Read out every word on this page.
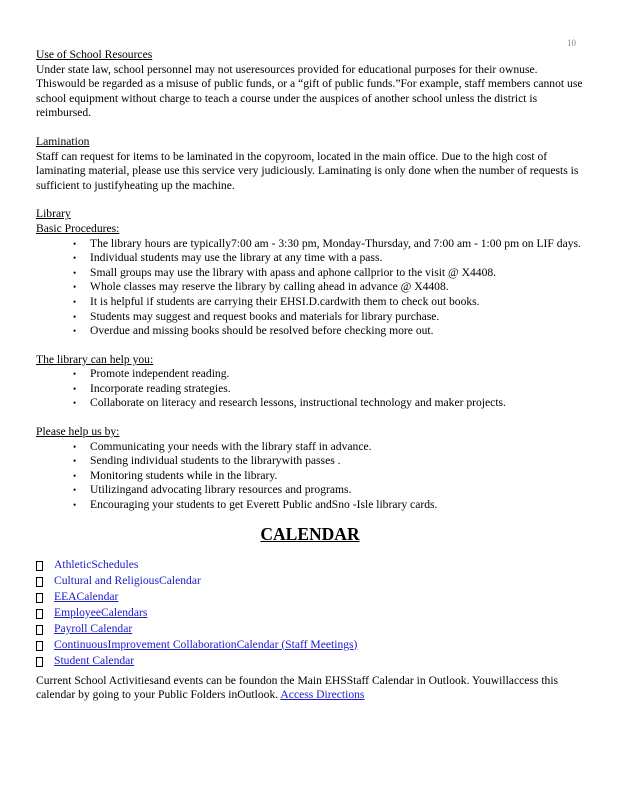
10
Use of School Resources

Under state law, school personnel may not useresources provided for educational purposes for their ownuse. Thiswould be regarded as a misuse of public funds, or a “gift of public funds.”For example, staff members cannot use school equipment without charge to teach a course under the auspices of another school unless the district is reimbursed.

Lamination

Staff can request for items to be laminated in the copyroom, located in the main office. Due to the high cost of laminating material, please use this service very judiciously. Laminating is only done when the number of requests is sufficient to justifyheating up the machine.

Library
Basic Procedures:
• The library hours are typically7:00 am - 3:30 pm, Monday-Thursday, and 7:00 am - 1:00 pm on LIF days.
• Individual students may use the library at any time with a pass.
• Small groups may use the library with apass and aphone callprior to the visit @ X4408.
• Whole classes may reserve the library by calling ahead in advance @ X4408.
• It is helpful if students are carrying their EHSI.D.cardwith them to check out books.
• Students may suggest and request books and materials for library purchase.
• Overdue and missing books should be resolved before checking more out.
The library can help you:
• Promote independent reading.
• Incorporate reading strategies.
• Collaborate on literacy and research lessons, instructional technology and maker projects.
Please help us by:
• Communicating your needs with the library staff in advance.
• Sending individual students to the librarywith passes .
• Monitoring students while in the library.
• Utilizingand advocating library resources and programs.
• Encouraging your students to get Everett Public andSno -Isle library cards.
CALENDAR
AthleticSchedules
Cultural and ReligiousCalendar
EEACalendar
EmployeeCalendars
Payroll Calendar
ContinuousImprovement CollaborationCalendar (Staff Meetings)
Student Calendar

Current School Activitiesand events can be foundon the Main EHSStaff Calendar in Outlook. Youwillaccess this calendar by going to your Public Folders inOutlook. Access Directions
